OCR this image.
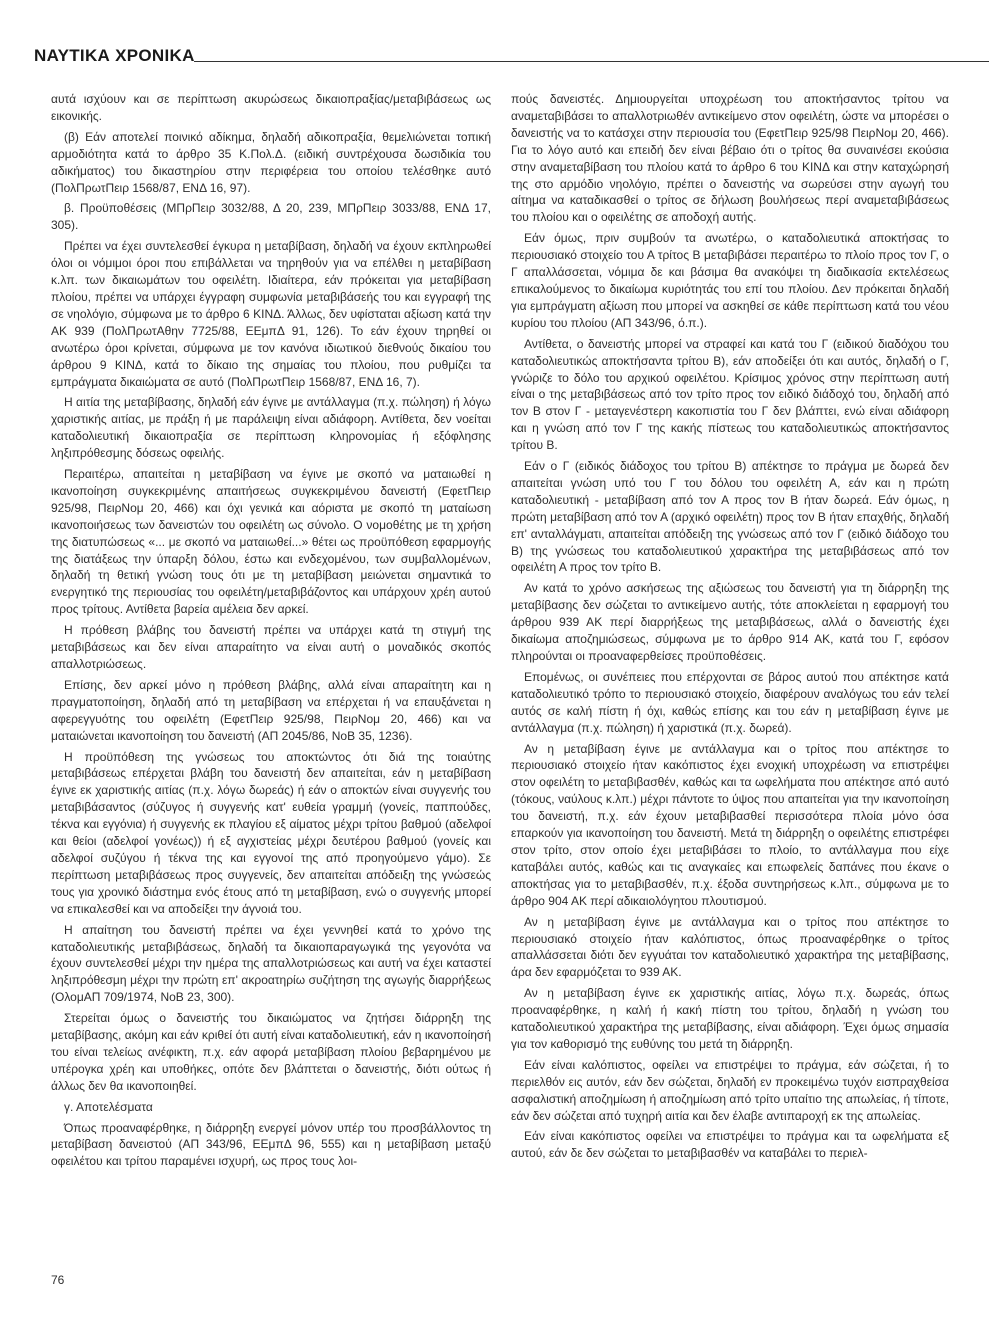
ΝΑΥΤΙΚΑ ΧΡΟΝΙΚΑ

αυτά ισχύουν και σε περίπτωση ακυρώσεως δικαιοπραξίας/μεταβιβάσεως ως εικονικής.

(β) Εάν αποτελεί ποινικό αδίκημα, δηλαδή αδικοπραξία, θεμελιώνεται τοπική αρμοδιότητα κατά το άρθρο 35 Κ.Πολ.Δ. (ειδική συντρέχουσα δωσιδικία του αδικήματος) του δικαστηρίου στην περιφέρεια του οποίου τελέσθηκε αυτό (ΠολΠρωτΠειρ 1568/87, ΕΝΔ 16, 97).

β. Προϋποθέσεις (ΜΠρΠειρ 3032/88, Δ 20, 239, ΜΠρΠειρ 3033/88, ΕΝΔ 17, 305).

Πρέπει να έχει συντελεσθεί έγκυρα η μεταβίβαση, δηλαδή να έχουν εκπληρωθεί όλοι οι νόμιμοι όροι που επιβάλλεται να τηρηθούν για να επέλθει η μεταβίβαση κ.λπ. των δικαιωμάτων του οφειλέτη. Ιδιαίτερα, εάν πρόκειται για μεταβίβαση πλοίου, πρέπει να υπάρχει έγγραφη συμφωνία μεταβιβάσεής του και εγγραφή της σε νηολόγιο, σύμφωνα με το άρθρο 6 ΚΙΝΔ. Άλλως, δεν υφίσταται αξίωση κατά την ΑΚ 939 (ΠολΠρωτΑθην 7725/88, ΕΕμπΔ 91, 126). Το εάν έχουν τηρηθεί οι ανωτέρω όροι κρίνεται, σύμφωνα με τον κανόνα ιδιωτικού διεθνούς δικαίου του άρθρου 9 ΚΙΝΔ, κατά το δίκαιο της σημαίας του πλοίου, που ρυθμίζει τα εμπράγματα δικαιώματα σε αυτό (ΠολΠρωτΠειρ 1568/87, ΕΝΔ 16, 7).

Η αιτία της μεταβίβασης, δηλαδή εάν έγινε με αντάλλαγμα (π.χ. πώληση) ή λόγω χαριστικής αιτίας, με πράξη ή με παράλειψη είναι αδιάφορη. Αντίθετα, δεν νοείται καταδολιευτική δικαιοπραξία σε περίπτωση κληρονομίας ή εξόφλησης ληξιπρόθεσμης δόσεως οφειλής.

Περαιτέρω, απαιτείται η μεταβίβαση να έγινε με σκοπό να ματαιωθεί η ικανοποίηση συγκεκριμένης απαιτήσεως συγκεκριμένου δανειστή (ΕφετΠειρ 925/98, ΠειρΝομ 20, 466) και όχι γενικά και αόριστα με σκοπό τη ματαίωση ικανοποιήσεως των δανειστών του οφειλέτη ως σύνολο. Ο νομοθέτης με τη χρήση της διατυπώσεως «... με σκοπό να ματαιωθεί...» θέτει ως προϋπόθεση εφαρμογής της διατάξεως την ύπαρξη δόλου, έστω και ενδεχομένου, των συμβαλλομένων, δηλαδή τη θετική γνώση τους ότι με τη μεταβίβαση μειώνεται σημαντικά το ενεργητικό της περιουσίας του οφειλέτη/μεταβιβάζοντος και υπάρχουν χρέη αυτού προς τρίτους. Αντίθετα βαρεία αμέλεια δεν αρκεί.

Η πρόθεση βλάβης του δανειστή πρέπει να υπάρχει κατά τη στιγμή της μεταβιβάσεως και δεν είναι απαραίτητο να είναι αυτή ο μοναδικός σκοπός απαλλοτριώσεως.

Επίσης, δεν αρκεί μόνο η πρόθεση βλάβης, αλλά είναι απαραίτητη και η πραγματοποίηση, δηλαδή από τη μεταβίβαση να επέρχεται ή να επαυξάνεται η αφερεγγυότης του οφειλέτη (ΕφετΠειρ 925/98, ΠειρΝομ 20, 466) και να ματαιώνεται ικανοποίηση του δανειστή (ΑΠ 2045/86, ΝοΒ 35, 1236).

Η προϋπόθεση της γνώσεως του αποκτώντος ότι διά της τοιαύτης μεταβιβάσεως επέρχεται βλάβη του δανειστή δεν απαιτείται, εάν η μεταβίβαση έγινε εκ χαριστικής αιτίας (π.χ. λόγω δωρεάς) ή εάν ο αποκτών είναι συγγενής του μεταβιβάσαντος (σύζυγος ή συγγενής κατ' ευθεία γραμμή (γονείς, παππούδες, τέκνα και εγγόνια) ή συγγενής εκ πλαγίου εξ αίματος μέχρι τρίτου βαθμού (αδελφοί και θείοι (αδελφοί γονέως)) ή εξ αγχιστείας μέχρι δευτέρου βαθμού (γονείς και αδελφοί συζύγου ή τέκνα της και εγγονοί της από προηγούμενο γάμο). Σε περίπτωση μεταβιβάσεως προς συγγενείς, δεν απαιτείται απόδειξη της γνώσεώς τους για χρονικό διάστημα ενός έτους από τη μεταβίβαση, ενώ ο συγγενής μπορεί να επικαλεσθεί και να αποδείξει την άγνοιά του.

Η απαίτηση του δανειστή πρέπει να έχει γεννηθεί κατά το χρόνο της καταδολιευτικής μεταβιβάσεως, δηλαδή τα δικαιοπαραγωγικά της γεγονότα να έχουν συντελεσθεί μέχρι την ημέρα της απαλλοτριώσεως και αυτή να έχει καταστεί ληξιπρόθεσμη μέχρι την πρώτη επ' ακροατηρίω συζήτηση της αγωγής διαρρήξεως (ΟλομΑΠ 709/1974, ΝοΒ 23, 300).

Στερείται όμως ο δανειστής του δικαιώματος να ζητήσει διάρρηξη της μεταβίβασης, ακόμη και εάν κριθεί ότι αυτή είναι καταδολιευτική, εάν η ικανοποίησή του είναι τελείως ανέφικτη, π.χ. εάν αφορά μεταβίβαση πλοίου βεβαρημένου με υπέρογκα χρέη και υποθήκες, οπότε δεν βλάπτεται ο δανειστής, διότι ούτως ή άλλως δεν θα ικανοποιηθεί.

γ. Αποτελέσματα

Όπως προαναφέρθηκε, η διάρρηξη ενεργεί μόνον υπέρ του προσβάλλοντος τη μεταβίβαση δανειστού (ΑΠ 343/96, ΕΕμπΔ 96, 555) και η μεταβίβαση μεταξύ οφειλέτου και τρίτου παραμένει ισχυρή, ως προς τους λοι-

πούς δανειστές. Δημιουργείται υποχρέωση του αποκτήσαντος τρίτου να αναμεταβιβάσει το απαλλοτριωθέν αντικείμενο στον οφειλέτη, ώστε να μπορέσει ο δανειστής να το κατάσχει στην περιουσία του (ΕφετΠειρ 925/98 ΠειρΝομ 20, 466). Για το λόγο αυτό και επειδή δεν είναι βέβαιο ότι ο τρίτος θα συναινέσει εκούσια στην αναμεταβίβαση του πλοίου κατά το άρθρο 6 του ΚΙΝΔ και στην καταχώρησή της στο αρμόδιο νηολόγιο, πρέπει ο δανειστής να σωρεύσει στην αγωγή του αίτημα να καταδικασθεί ο τρίτος σε δήλωση βουλήσεως περί αναμεταβιβάσεως του πλοίου και ο οφειλέτης σε αποδοχή αυτής.

Εάν όμως, πριν συμβούν τα ανωτέρω, ο καταδολιευτικά αποκτήσας το περιουσιακό στοιχείο του Α τρίτος Β μεταβιβάσει περαιτέρω το πλοίο προς τον Γ, ο Γ απαλλάσσεται, νόμιμα δε και βάσιμα θα ανακόψει τη διαδικασία εκτελέσεως επικαλούμενος το δικαίωμα κυριότητάς του επί του πλοίου. Δεν πρόκειται δηλαδή για εμπράγματη αξίωση που μπορεί να ασκηθεί σε κάθε περίπτωση κατά του νέου κυρίου του πλοίου (ΑΠ 343/96, ό.π.).

Αντίθετα, ο δανειστής μπορεί να στραφεί και κατά του Γ (ειδικού διαδόχου του καταδολιευτικώς αποκτήσαντα τρίτου Β), εάν αποδείξει ότι και αυτός, δηλαδή ο Γ, γνώριζε το δόλο του αρχικού οφειλέτου. Κρίσιμος χρόνος στην περίπτωση αυτή είναι ο της μεταβιβάσεως από τον τρίτο προς τον ειδικό διάδοχό του, δηλαδή από τον Β στον Γ - μεταγενέστερη κακοπιστία του Γ δεν βλάπτει, ενώ είναι αδιάφορη και η γνώση από τον Γ της κακής πίστεως του καταδολιευτικώς αποκτήσαντος τρίτου Β.

Εάν ο Γ (ειδικός διάδοχος του τρίτου Β) απέκτησε το πράγμα με δωρεά δεν απαιτείται γνώση υπό του Γ του δόλου του οφειλέτη Α, εάν και η πρώτη καταδολιευτική - μεταβίβαση από τον Α προς τον Β ήταν δωρεά. Εάν όμως, η πρώτη μεταβίβαση από τον Α (αρχικό οφειλέτη) προς τον Β ήταν επαχθής, δηλαδή επ' ανταλλάγματι, απαιτείται απόδειξη της γνώσεως από τον Γ (ειδικό διάδοχο του Β) της γνώσεως του καταδολιευτικού χαρακτήρα της μεταβιβάσεως από τον οφειλέτη Α προς τον τρίτο Β.

Αν κατά το χρόνο ασκήσεως της αξιώσεως του δανειστή για τη διάρρηξη της μεταβίβασης δεν σώζεται το αντικείμενο αυτής, τότε αποκλείεται η εφαρμογή του άρθρου 939 ΑΚ περί διαρρήξεως της μεταβιβάσεως, αλλά ο δανειστής έχει δικαίωμα αποζημιώσεως, σύμφωνα με το άρθρο 914 ΑΚ, κατά του Γ, εφόσον πληρούνται οι προαναφερθείσες προϋποθέσεις.

Επομένως, οι συνέπειες που επέρχονται σε βάρος αυτού που απέκτησε κατά καταδολιευτικό τρόπο το περιουσιακό στοιχείο, διαφέρουν αναλόγως του εάν τελεί αυτός σε καλή πίστη ή όχι, καθώς επίσης και του εάν η μεταβίβαση έγινε με αντάλλαγμα (π.χ. πώληση) ή χαριστικά (π.χ. δωρεά).

Αν η μεταβίβαση έγινε με αντάλλαγμα και ο τρίτος που απέκτησε το περιουσιακό στοιχείο ήταν κακόπιστος έχει ενοχική υποχρέωση να επιστρέψει στον οφειλέτη το μεταβιβασθέν, καθώς και τα ωφελήματα που απέκτησε από αυτό (τόκους, ναύλους κ.λπ.) μέχρι πάντοτε το ύψος που απαιτείται για την ικανοποίηση του δανειστή, π.χ. εάν έχουν μεταβιβασθεί περισσότερα πλοία μόνο όσα επαρκούν για ικανοποίηση του δανειστή. Μετά τη διάρρηξη ο οφειλέτης επιστρέφει στον τρίτο, στον οποίο έχει μεταβιβάσει το πλοίο, το αντάλλαγμα που είχε καταβάλει αυτός, καθώς και τις αναγκαίες και επωφελείς δαπάνες που έκανε ο αποκτήσας για το μεταβιβασθέν, π.χ. έξοδα συντηρήσεως κ.λπ., σύμφωνα με το άρθρο 904 ΑΚ περί αδικαιολόγητου πλουτισμού.

Αν η μεταβίβαση έγινε με αντάλλαγμα και ο τρίτος που απέκτησε το περιουσιακό στοιχείο ήταν καλόπιστος, όπως προαναφέρθηκε ο τρίτος απαλλάσσεται διότι δεν εγγυάται τον καταδολιευτικό χαρακτήρα της μεταβίβασης, άρα δεν εφαρμόζεται το 939 ΑΚ.

Αν η μεταβίβαση έγινε εκ χαριστικής αιτίας, λόγω π.χ. δωρεάς, όπως προαναφέρθηκε, η καλή ή κακή πίστη του τρίτου, δηλαδή η γνώση του καταδολιευτικού χαρακτήρα της μεταβίβασης, είναι αδιάφορη. Έχει όμως σημασία για τον καθορισμό της ευθύνης του μετά τη διάρρηξη.

Εάν είναι καλόπιστος, οφείλει να επιστρέψει το πράγμα, εάν σώζεται, ή το περιελθόν εις αυτόν, εάν δεν σώζεται, δηλαδή εν προκειμένω τυχόν εισπραχθείσα ασφαλιστική αποζημίωση ή αποζημίωση από τρίτο υπαίτιο της απωλείας, ή τίποτε, εάν δεν σώζεται από τυχηρή αιτία και δεν έλαβε αντιπαροχή εκ της απωλείας.

Εάν είναι κακόπιστος οφείλει να επιστρέψει το πράγμα και τα ωφελήματα εξ αυτού, εάν δε δεν σώζεται το μεταβιβασθέν να καταβάλει το περιελ-

76
